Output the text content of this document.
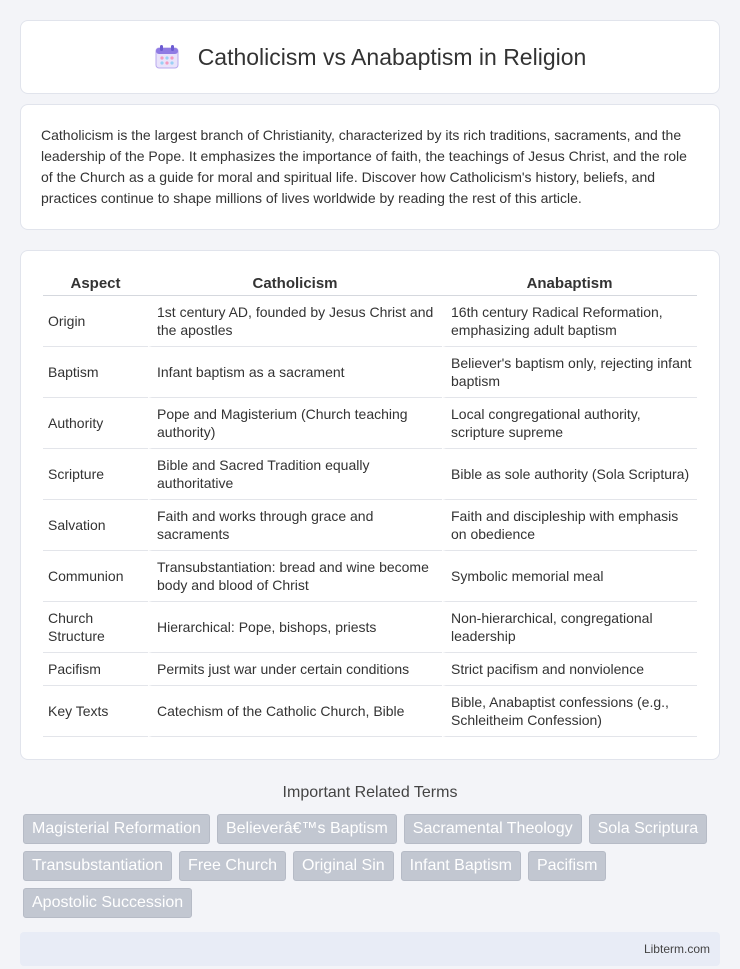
Catholicism vs Anabaptism in Religion

Catholicism is the largest branch of Christianity, characterized by its rich traditions, sacraments, and the leadership of the Pope. It emphasizes the importance of faith, the teachings of Jesus Christ, and the role of the Church as a guide for moral and spiritual life. Discover how Catholicism's history, beliefs, and practices continue to shape millions of lives worldwide by reading the rest of this article.

Aspect	Catholicism	Anabaptism
Origin	1st century AD, founded by Jesus Christ and the apostles	16th century Radical Reformation, emphasizing adult baptism
Baptism	Infant baptism as a sacrament	Believer's baptism only, rejecting infant baptism
Authority	Pope and Magisterium (Church teaching authority)	Local congregational authority, scripture supreme
Scripture	Bible and Sacred Tradition equally authoritative	Bible as sole authority (Sola Scriptura)
Salvation	Faith and works through grace and sacraments	Faith and discipleship with emphasis on obedience
Communion	Transubstantiation: bread and wine become body and blood of Christ	Symbolic memorial meal
Church Structure	Hierarchical: Pope, bishops, priests	Non-hierarchical, congregational leadership
Pacifism	Permits just war under certain conditions	Strict pacifism and nonviolence
Key Texts	Catechism of the Catholic Church, Bible	Bible, Anabaptist confessions (e.g., Schleitheim Confession)
Important Related Terms
Magisterial Reformation	Believerâ€™s Baptism	Sacramental Theology	Sola Scriptura
Transubstantiation	Free Church	Original Sin	Infant Baptism	Pacifism
Apostolic Succession
Libterm.com
